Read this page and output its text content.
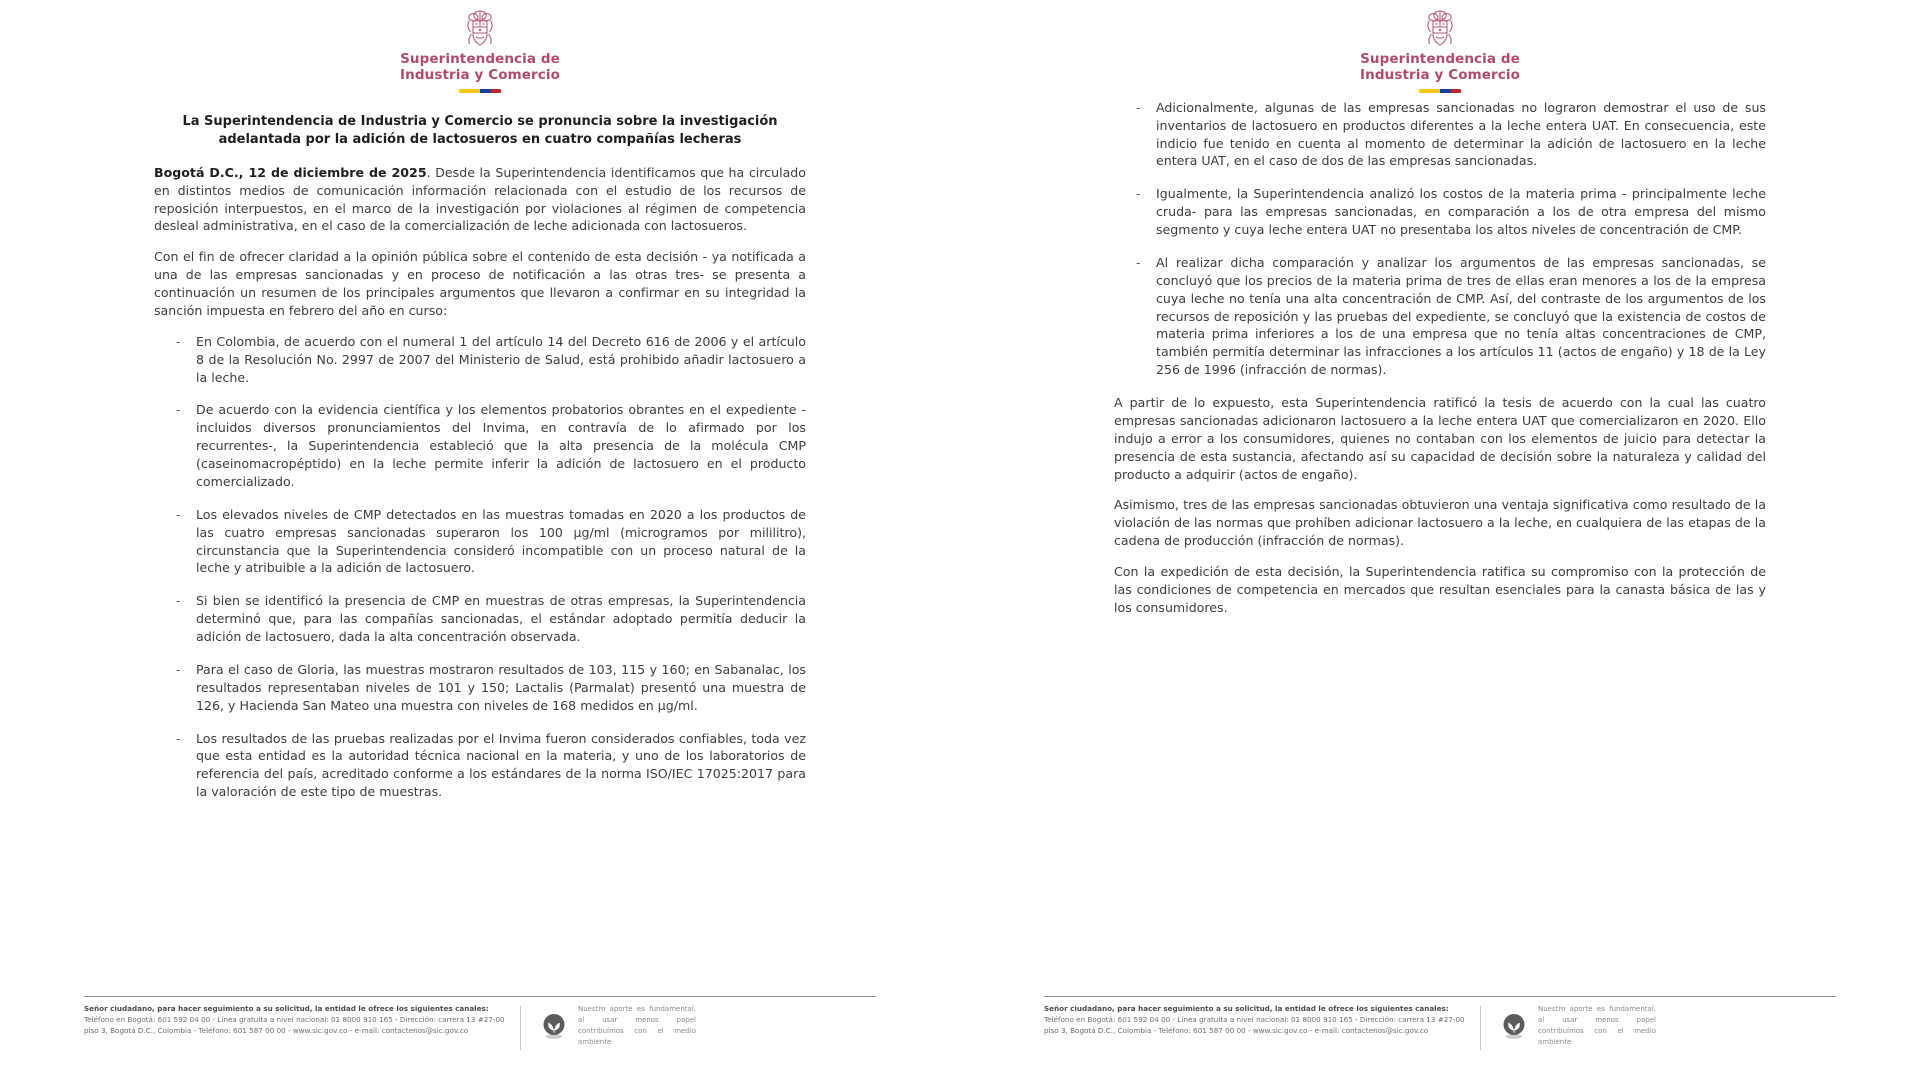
Superintendencia de
Industria y Comercio
La Superintendencia de Industria y Comercio se pronuncia sobre la investigación adelantada por la adición de lactosueros en cuatro compañías lecheras

Bogotá D.C., 12 de diciembre de 2025. Desde la Superintendencia identificamos que ha circulado en distintos medios de comunicación información relacionada con el estudio de los recursos de reposición interpuestos, en el marco de la investigación por violaciones al régimen de competencia desleal administrativa, en el caso de la comercialización de leche adicionada con lactosueros.

Con el fin de ofrecer claridad a la opinión pública sobre el contenido de esta decisión - ya notificada a una de las empresas sancionadas y en proceso de notificación a las otras tres- se presenta a continuación un resumen de los principales argumentos que llevaron a confirmar en su integridad la sanción impuesta en febrero del año en curso:

- En Colombia, de acuerdo con el numeral 1 del artículo 14 del Decreto 616 de 2006 y el artículo 8 de la Resolución No. 2997 de 2007 del Ministerio de Salud, está prohibido añadir lactosuero a la leche.
- De acuerdo con la evidencia científica y los elementos probatorios obrantes en el expediente -incluidos diversos pronunciamientos del Invima, en contravía de lo afirmado por los recurrentes-, la Superintendencia estableció que la alta presencia de la molécula CMP (caseinomacropéptido) en la leche permite inferir la adición de lactosuero en el producto comercializado.
- Los elevados niveles de CMP detectados en las muestras tomadas en 2020 a los productos de las cuatro empresas sancionadas superaron los 100 µg/ml (microgramos por mililitro), circunstancia que la Superintendencia consideró incompatible con un proceso natural de la leche y atribuible a la adición de lactosuero.
- Si bien se identificó la presencia de CMP en muestras de otras empresas, la Superintendencia determinó que, para las compañías sancionadas, el estándar adoptado permitía deducir la adición de lactosuero, dada la alta concentración observada.
- Para el caso de Gloria, las muestras mostraron resultados de 103, 115 y 160; en Sabanalac, los resultados representaban niveles de 101 y 150; Lactalis (Parmalat) presentó una muestra de 126, y Hacienda San Mateo una muestra con niveles de 168 medidos en µg/ml.
- Los resultados de las pruebas realizadas por el Invima fueron considerados confiables, toda vez que esta entidad es la autoridad técnica nacional en la materia, y uno de los laboratorios de referencia del país, acreditado conforme a los estándares de la norma ISO/IEC 17025:2017 para la valoración de este tipo de muestras.
Señor ciudadano, para hacer seguimiento a su solicitud, la entidad le ofrece los siguientes canales: Teléfono en Bogotá: 601 592 04 00 - Línea gratuita a nivel nacional: 01 8000 910 165 - Dirección: carrera 13 #27-00 piso 3, Bogotá D.C., Colombia - Teléfono: 601 587 00 00 - www.sic.gov.co - e-mail: contactenos@sic.gov.co
Nuestro aporte es fundamental, al usar menos papel contribuímos con el medio ambiente
Superintendencia de
Industria y Comercio
- Adicionalmente, algunas de las empresas sancionadas no lograron demostrar el uso de sus inventarios de lactosuero en productos diferentes a la leche entera UAT. En consecuencia, este indicio fue tenido en cuenta al momento de determinar la adición de lactosuero en la leche entera UAT, en el caso de dos de las empresas sancionadas.
- Igualmente, la Superintendencia analizó los costos de la materia prima - principalmente leche cruda- para las empresas sancionadas, en comparación a los de otra empresa del mismo segmento y cuya leche entera UAT no presentaba los altos niveles de concentración de CMP.
- Al realizar dicha comparación y analizar los argumentos de las empresas sancionadas, se concluyó que los precios de la materia prima de tres de ellas eran menores a los de la empresa cuya leche no tenía una alta concentración de CMP. Así, del contraste de los argumentos de los recursos de reposición y las pruebas del expediente, se concluyó que la existencia de costos de materia prima inferiores a los de una empresa que no tenía altas concentraciones de CMP, también permitía determinar las infracciones a los artículos 11 (actos de engaño) y 18 de la Ley 256 de 1996 (infracción de normas).

A partir de lo expuesto, esta Superintendencia ratificó la tesis de acuerdo con la cual las cuatro empresas sancionadas adicionaron lactosuero a la leche entera UAT que comercializaron en 2020. Ello indujo a error a los consumidores, quienes no contaban con los elementos de juicio para detectar la presencia de esta sustancia, afectando así su capacidad de decisión sobre la naturaleza y calidad del producto a adquirir (actos de engaño).

Asimismo, tres de las empresas sancionadas obtuvieron una ventaja significativa como resultado de la violación de las normas que prohíben adicionar lactosuero a la leche, en cualquiera de las etapas de la cadena de producción (infracción de normas).

Con la expedición de esta decisión, la Superintendencia ratifica su compromiso con la protección de las condiciones de competencia en mercados que resultan esenciales para la canasta básica de las y los consumidores.

Señor ciudadano, para hacer seguimiento a su solicitud, la entidad le ofrece los siguientes canales: Teléfono en Bogotá: 601 592 04 00 - Línea gratuita a nivel nacional: 01 8000 910 165 - Dirección: carrera 13 #27-00 piso 3, Bogotá D.C., Colombia - Teléfono: 601 587 00 00 - www.sic.gov.co - e-mail: contactenos@sic.gov.co
Nuestro aporte es fundamental, al usar menos papel contribuímos con el medio ambiente
